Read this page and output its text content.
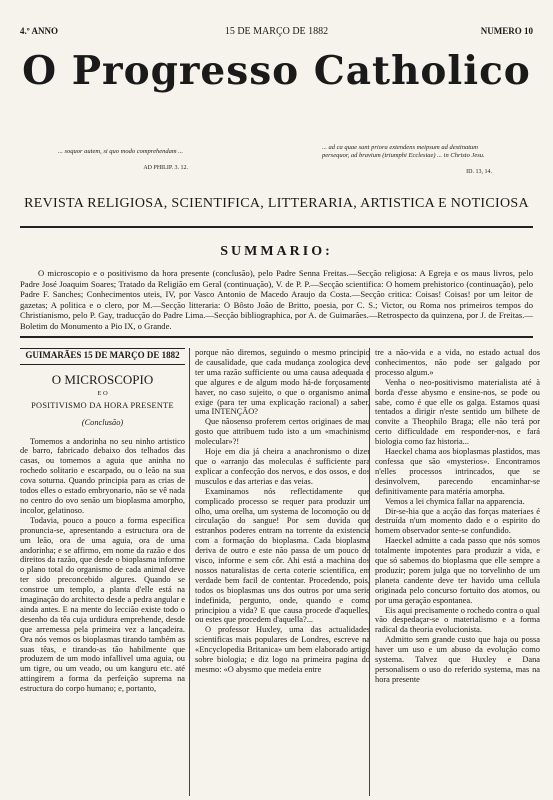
4.º ANNO	15 DE MARÇO DE 1882	NUMERO 10
O Progresso Catholico
... soquor autem, si quo modo comprehendam ...
AD PHILIP. 3. 12.
... ad ca quae sunt priora extendens meipsum ad destinatum persequor, ad bravium (triumphi Ecclesiae) ... in Christo Jesu.
ID. 13, 14.
REVISTA RELIGIOSA, SCIENTIFICA, LITTERARIA, ARTISTICA E NOTICIOSA
SUMMARIO:
O microscopio e o positivismo da hora presente (conclusão), pelo Padre Senna Freitas.—Secção religiosa: A Egreja e os maus livros, pelo Padre José Joaquim Soares; Tratado da Religião em Geral (continuação), V. de P. P.—Secção scientifica: O homem prehistorico (continuação), pelo Padre F. Sanches; Conhecimentos uteis, IV, por Vasco Antonio de Macedo Araujo da Costa.—Secção critica: Coisas! Coisas! por um leitor de gazetas; A politica e o clero, por M.—Secção litteraria: O Bôsto João de Britto, poesia, por C. S.; Victor, ou Roma nos primeiros tempos do Christianismo, pelo P. Gay, traducção do Padre Lima.—Secção bibliographica, por A. de Guimarães.—Retrospecto da quinzena, por J. de Freitas.—Boletim do Monumento a Pio IX, o Grande.
GUIMARÃES 15 DE MARÇO DE 1882
O MICROSCOPIO
E O
POSITIVISMO DA HORA PRESENTE
(Conclusão)

Tomemos a andorinha no seu ninho artistico de barro, fabricado debaixo dos telhados das casas, ou tomemos a aguia que aninha no rochedo solitario e escarpado, ou o leão na sua cova soturna. Quando principia para as crias de todos elles o estado embryonario, não se vê nada no centro do ovo senão um bioplasma amorpho, incolor, gelatinoso.

Todavia, pouco a pouco a forma especifica pronuncia-se, apresentando a estructura ora de um leão, ora de uma aguia, ora de uma andorinha; e se affirmo, em nome da razão e dos direitos da razão, que desde o bioplasma informe o plano total do organismo de cada animal deve ter sido preconcebido algures. Quando se constroe um templo, a planta d'elle está na imaginação do architecto desde a pedra angular e ainda antes. E na mente do leccião existe todo o desenho da têa cuja urdidura emprehende, desde que arremessa pela primeira vez a lançadeira. Ora nós vemos os bioplasmas tirando também as suas têas, e tirando-as tão habilmente que produzem de um modo infallivel uma aguia, ou um tigre, ou um veado, ou um kanguru etc. até attingirem a forma da perfeição suprema na estructura do corpo humano; e, portanto,

porque não diremos, seguindo o mesmo principio de causalidade, que cada mudança zoologica deve ter uma razão sufficiente ou uma causa adequada e que algures e de algum modo há-de forçosamente haver, no caso sujeito, o que o organismo animal exige (para ter uma explicação racional) a saber, uma INTENÇÃO?

Que nãosenso proferem certos originaes de mau gosto que attribuem tudo isto a um «machinismo molecular»?!

Hoje em dia já cheira a anachronismo o dizer que o «arranjo das moleculas é sufficiente para explicar a confecção dos nervos, e dos ossos, e dos musculos e das arterias e das veias.

Examinamos nós reflectidamente que complicado processo se requer para produzir um olho, uma orelha, um systema de locomoção ou de circulação do sangue! Por sem duvida que estranhos poderes entram na torrente da existencia com a formação do bioplasma. Cada bioplasma deriva de outro e este não passa de um pouco de visco, informe e sem côr. Ahi está a machina dos nossos naturalistas de certa coterie scientifica, em verdade bem facil de contentar. Procedendo, pois, todos os bioplasmas uns dos outros por uma serie indefinida, pergunto, onde, quando e como principiou a vida? E que causa procede d'aquelles, ou estes que procedem d'aquella?...

O professor Huxley, uma das actualidades scientificas mais populares de Londres, escreve na «Encyclopedia Britanica» um bem elaborado artigo sobre biologia; e diz logo na primeira pagina do mesmo: «O abysmo que medeia entre

tre a não-vida e a vida, no estado actual dos conhecimentos, não pode ser galgado por processo algum.»

Venha o neo-positivismo materialista até à borda d'esse abysmo e ensine-nos, se pode ou sabe, como é que elle os galga. Estamos quasi tentados a dirigir n'este sentido um bilhete de convite a Theophilo Braga; elle não terá por certo difficuldade em responder-nos, e fará biologia como faz historia...

Haeckel chama aos bioplasmas plastidos, mas confessa que são «mysterios». Encontramos n'elles processos intrincados, que se desinvolvem, parecendo encaminhar-se definitivamente para matéria amorpha.

Vemos a lei chymica fallar na apparencia.

Dir-se-hia que a acção das forças materiaes é destruída n'um momento dado e o espirito do homem observador sente-se confundido.

Haeckel admitte a cada passo que nós somos totalmente impotentes para produzir a vida, e que só sabemos do bioplasma que elle sempre a produzir; porem julga que no torvelinho de um planeta candente deve ter havido uma cellula originada pelo concurso fortuito dos atomos, ou por uma geração espontanea.

Eis aqui precisamente o rochedo contra o qual vão despedaçar-se o materialismo e a forma radical da theoria evolucionista.

Admitto sem grande custo que haja ou possa haver um uso e um abuso da evolução como systema. Talvez que Huxley e Dana personalisem o uso do referido systema, mas na hora presente
